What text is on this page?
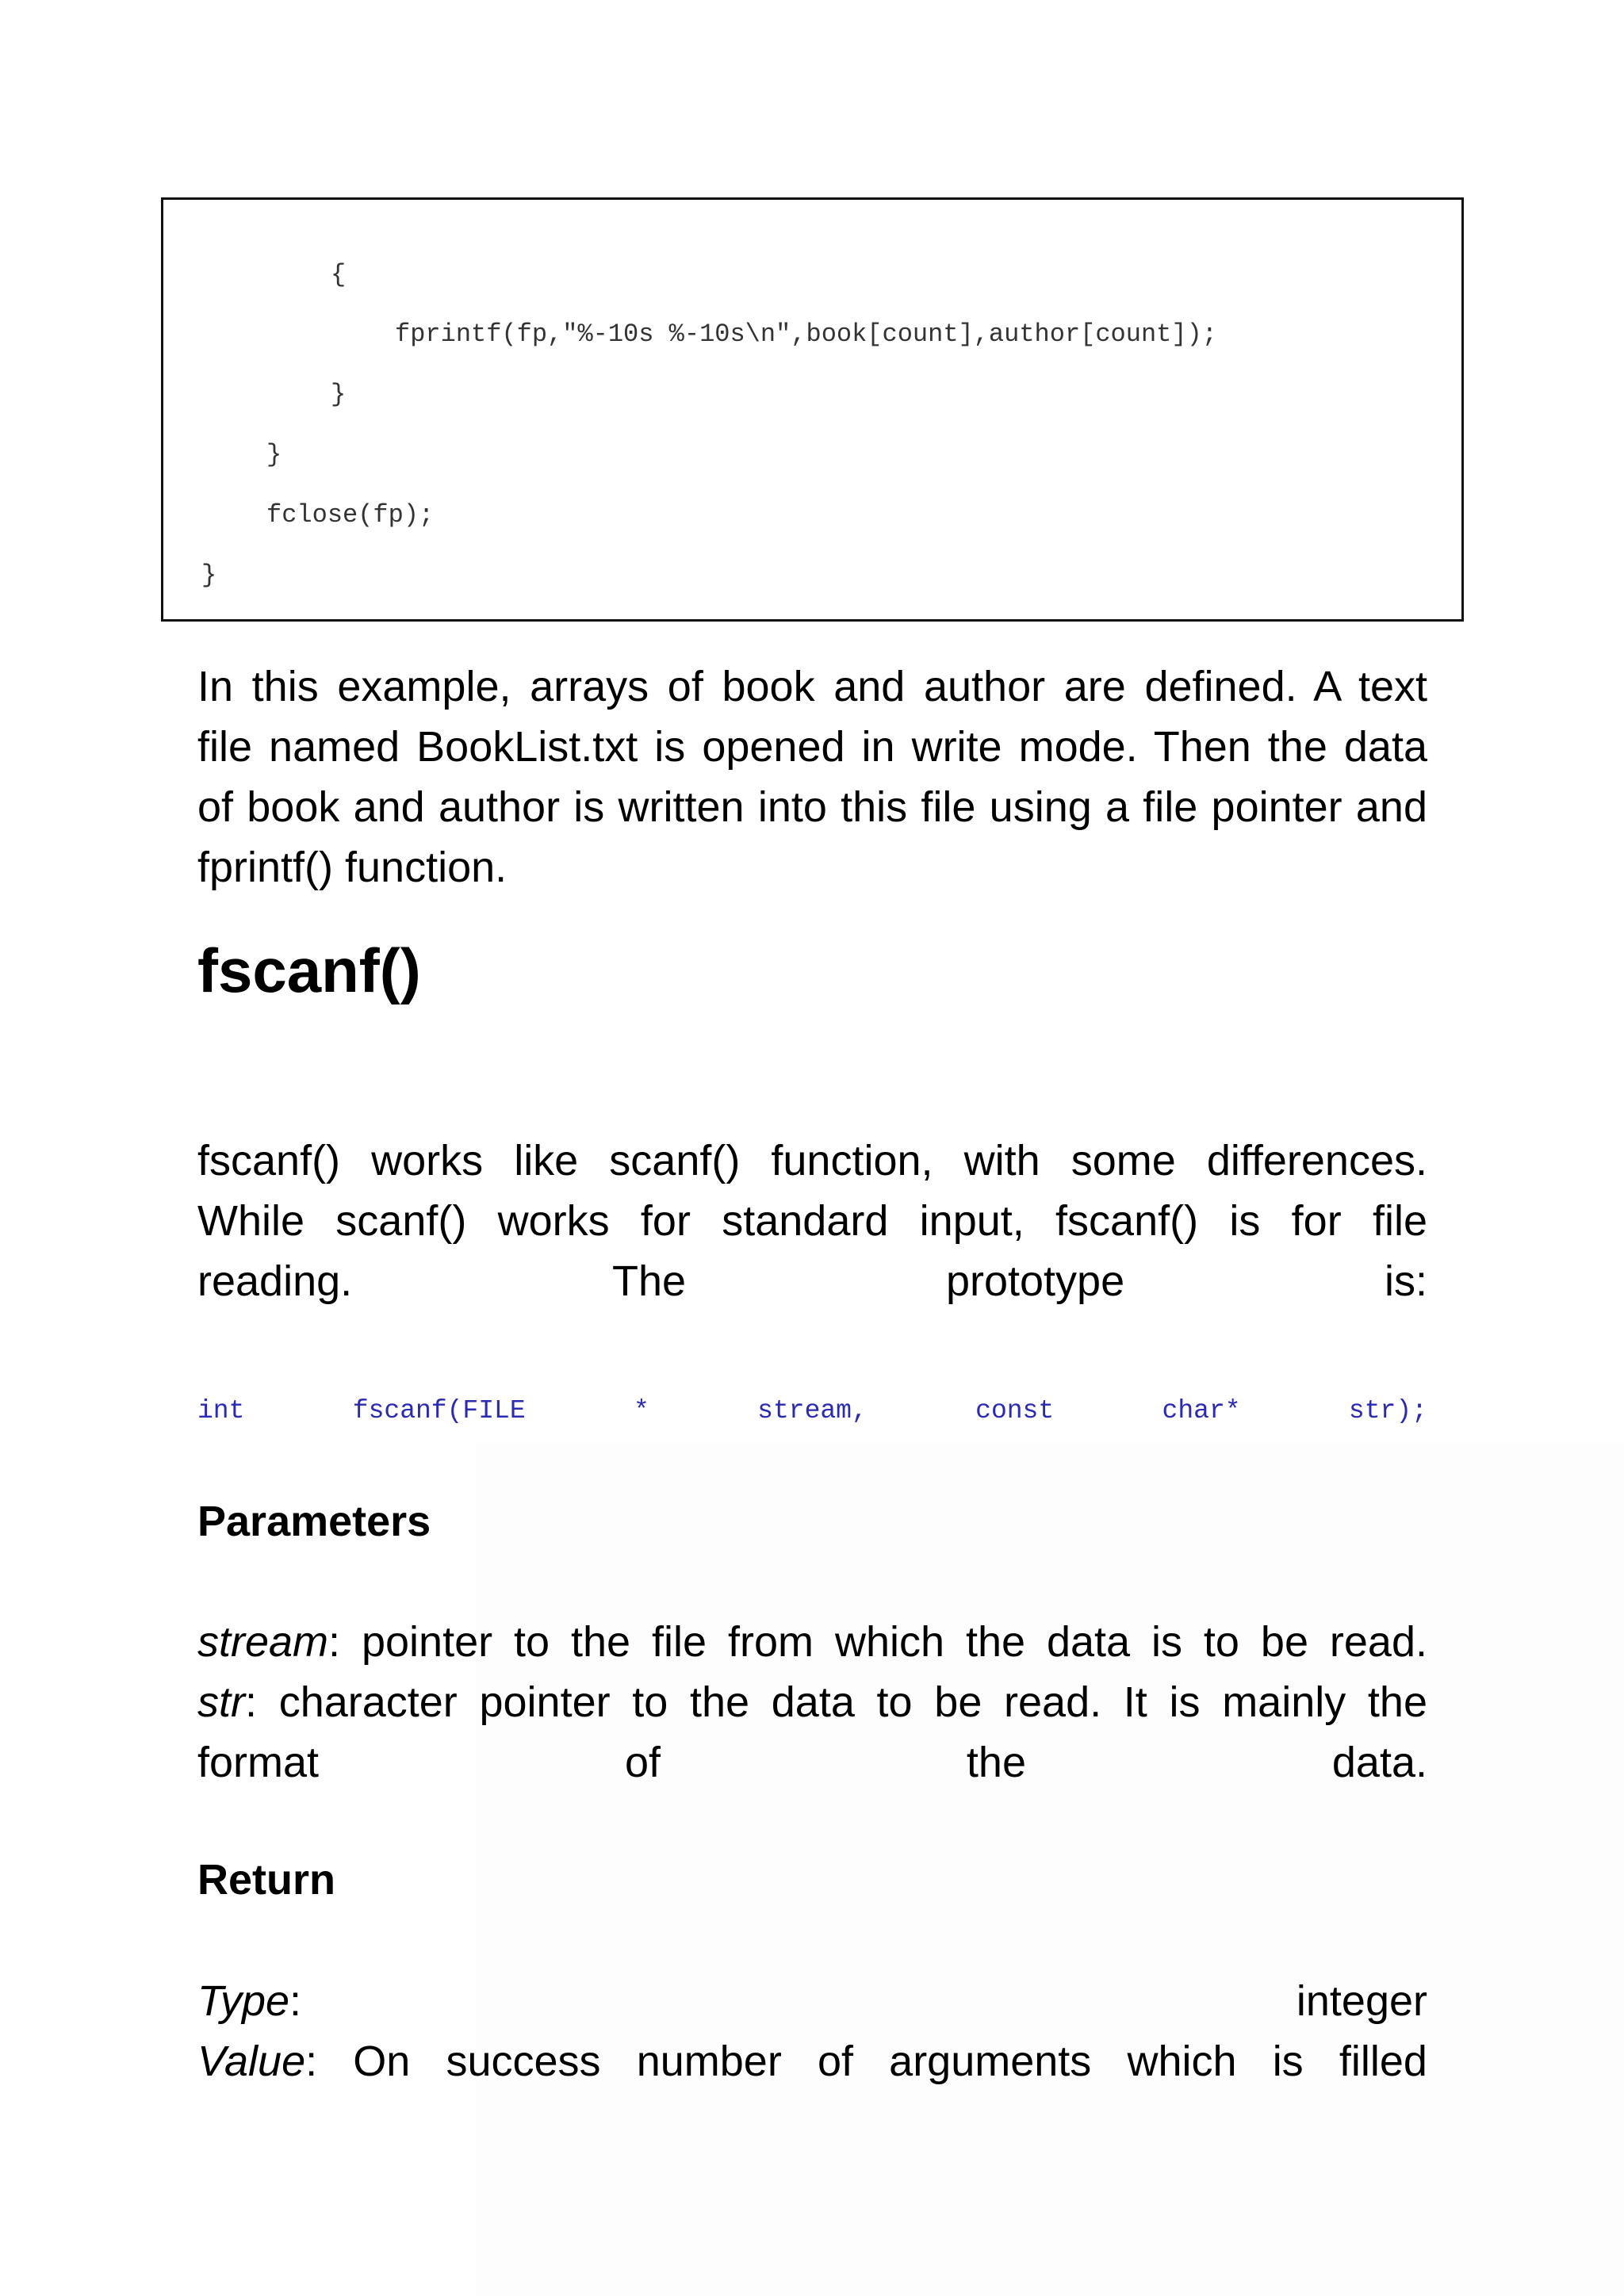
{
fprintf(fp,"%-10s %-10s\n",book[count],author[count]);
}
}
fclose(fp);
}
In this example, arrays of book and author are defined. A text
file named BookList.txt is opened in write mode. Then the data
of book and author is written into this file using a file pointer and
fprintf() function.
fscanf()
fscanf() works like scanf() function, with some differences.
While scanf() works for standard input, fscanf() is for file
reading.	The	prototype	is:
int	fscanf(FILE	*	stream,	const	char*	str);
Parameters
stream: pointer to the file from which the data is to be read.
str: character pointer to the data to be read. It is mainly the
format	of	the	data.
Return
Type:	integer
Value: On success number of arguments which is filled
